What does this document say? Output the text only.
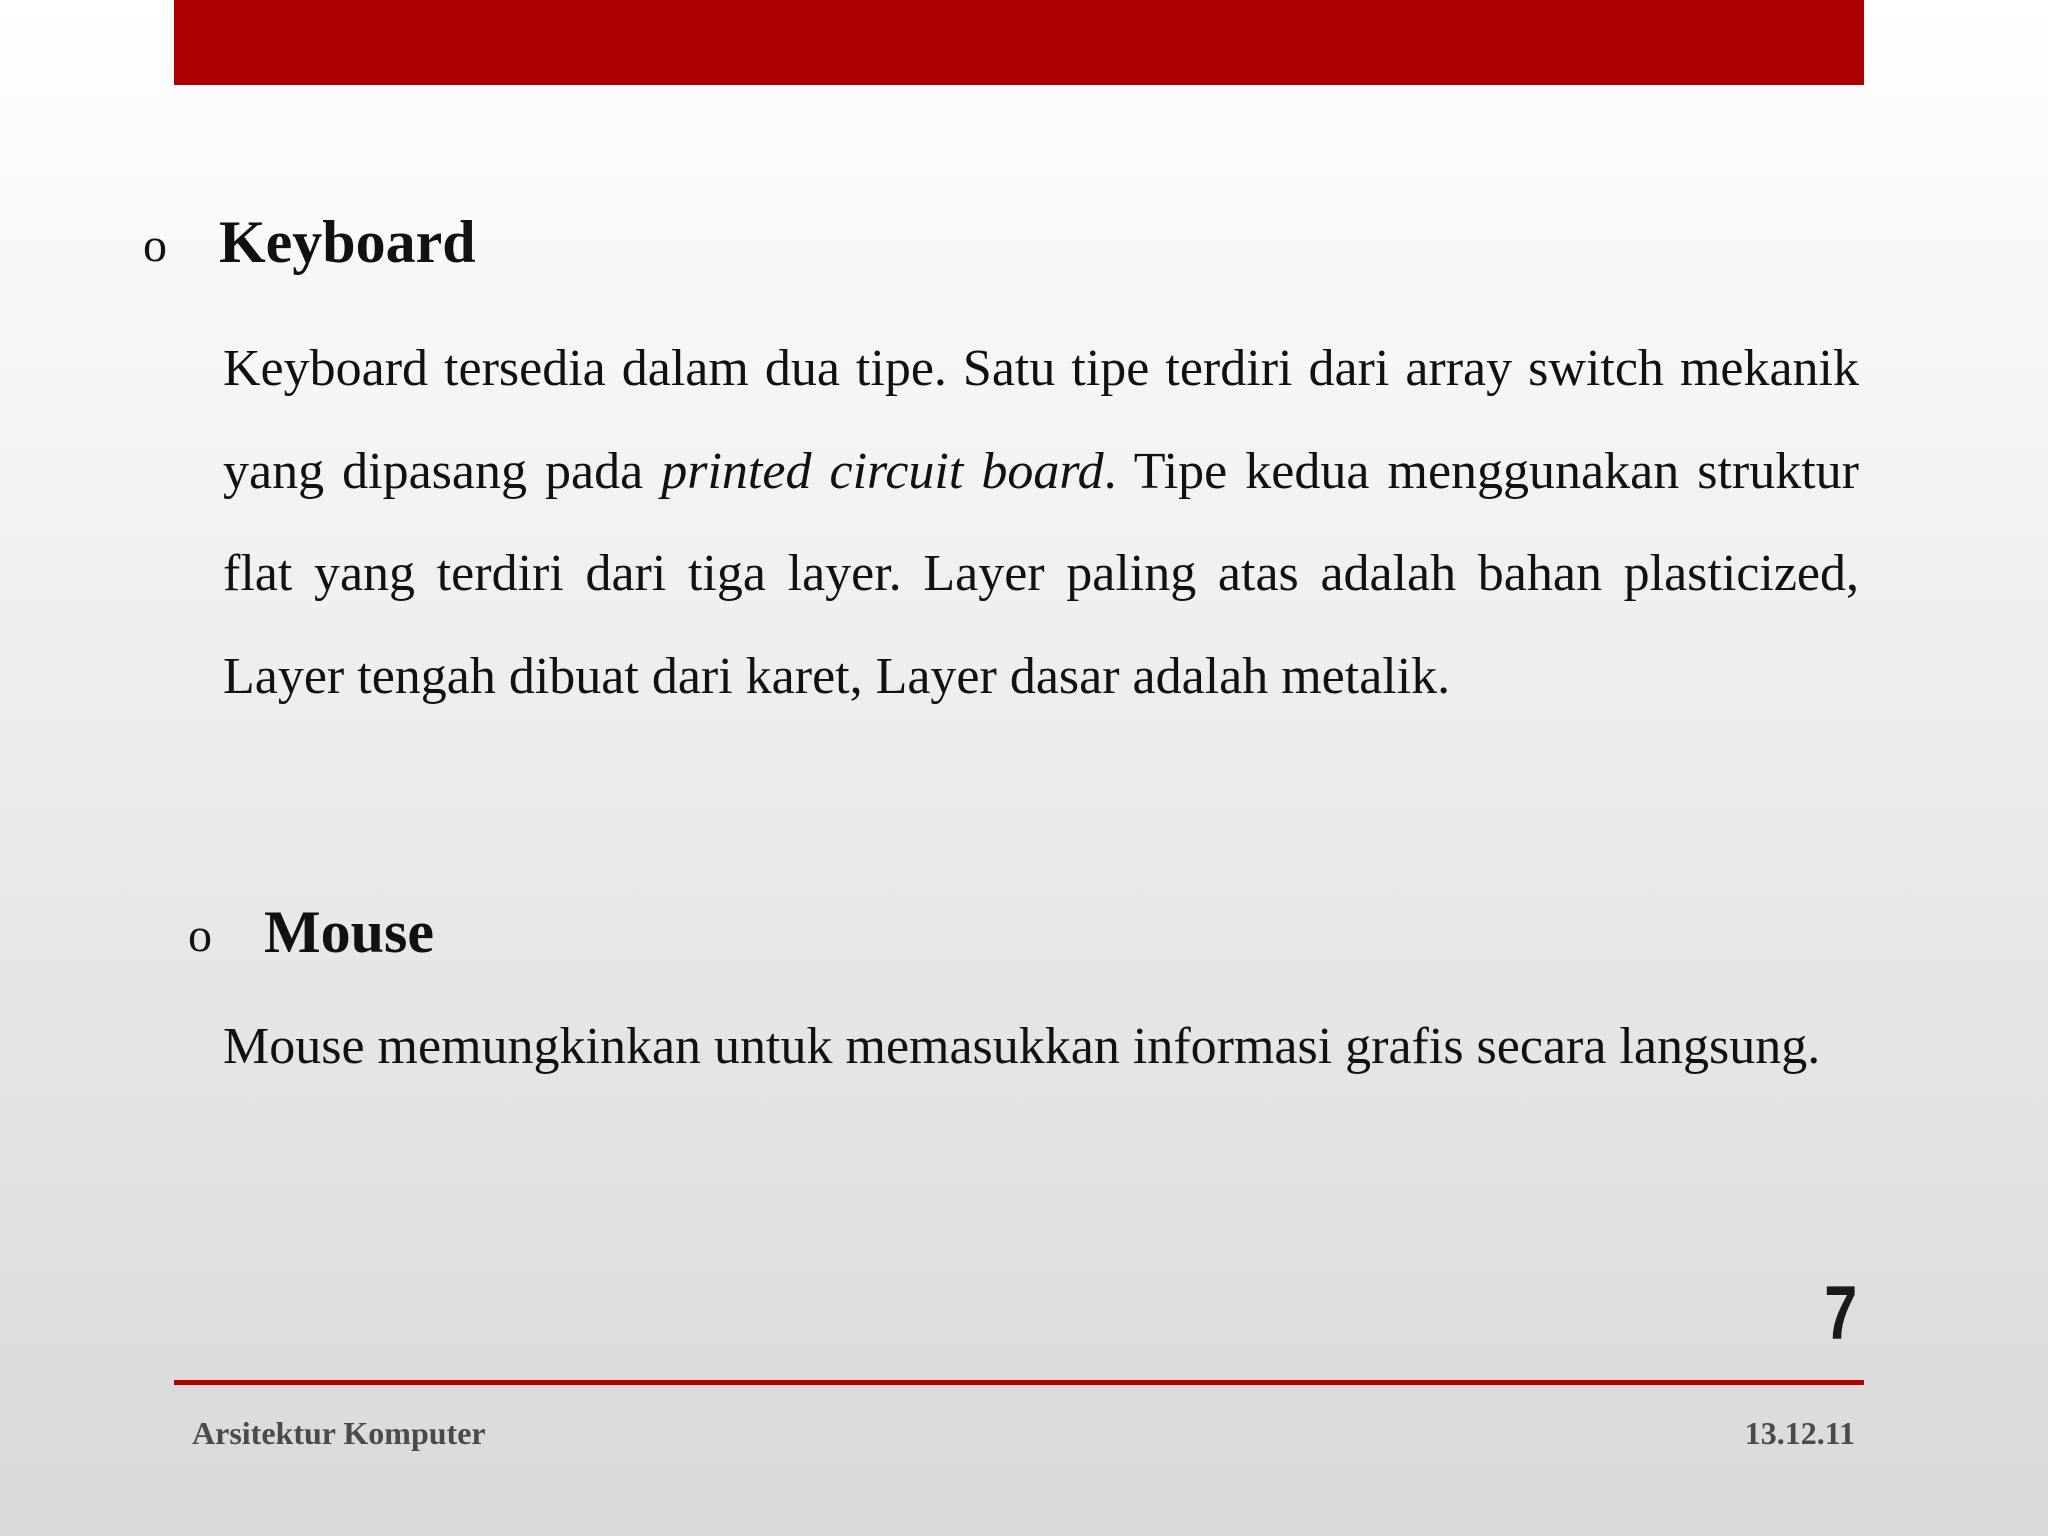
o Keyboard
Keyboard tersedia dalam dua tipe. Satu tipe terdiri dari array switch mekanik yang dipasang pada printed circuit board. Tipe kedua menggunakan struktur flat yang terdiri dari tiga layer. Layer paling atas adalah bahan plasticized, Layer tengah dibuat dari karet, Layer dasar adalah metalik.
o Mouse
Mouse memungkinkan untuk memasukkan informasi grafis secara langsung.
7
Arsitektur Komputer	13.12.11
